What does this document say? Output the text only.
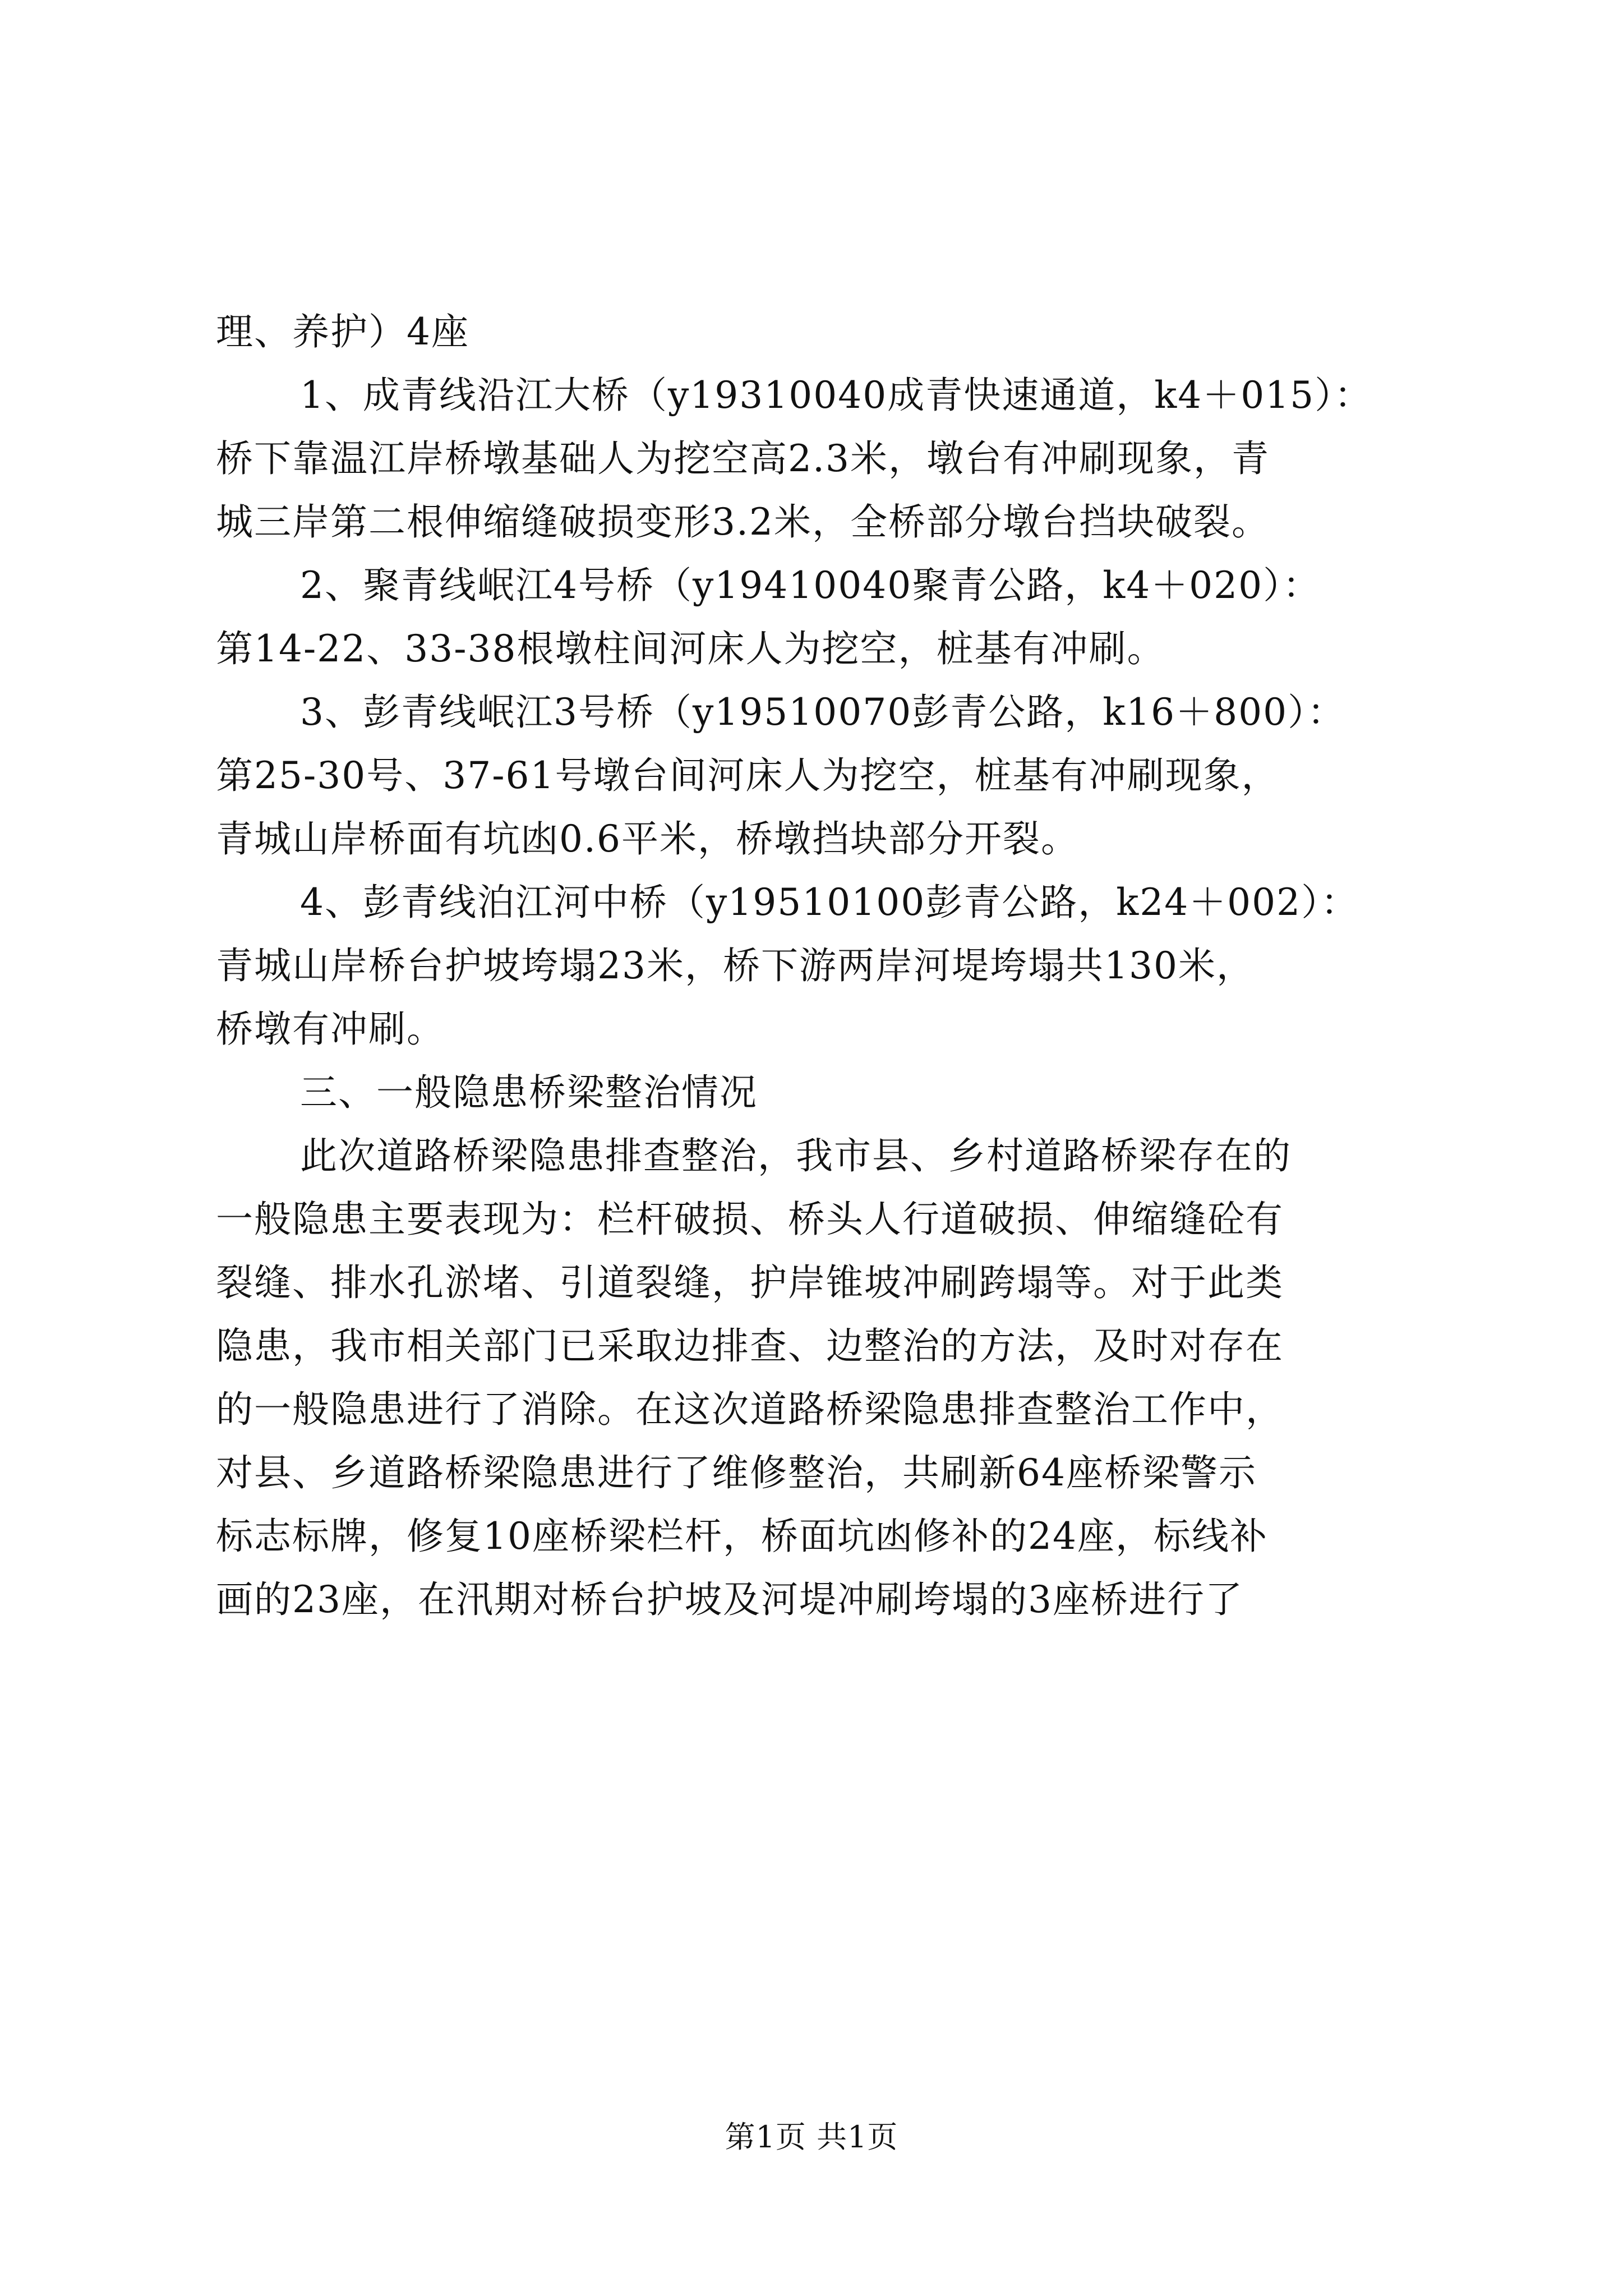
理、养护）4座
1、成青线沿江大桥（y19310040成青快速通道，k4＋015）：
桥下靠温江岸桥墩基础人为挖空高2.3米，墩台有冲刷现象，青
城三岸第二根伸缩缝破损变形3.2米，全桥部分墩台挡块破裂。
2、聚青线岷江4号桥（y19410040聚青公路，k4＋020）：
第14-22、33-38根墩柱间河床人为挖空，桩基有冲刷。
3、彭青线岷江3号桥（y19510070彭青公路，k16＋800）：
第25-30号、37-61号墩台间河床人为挖空，桩基有冲刷现象，
青城山岸桥面有坑凼0.6平米，桥墩挡块部分开裂。
4、彭青线泊江河中桥（y19510100彭青公路，k24＋002）：
青城山岸桥台护坡垮塌23米，桥下游两岸河堤垮塌共130米，
桥墩有冲刷。
三、一般隐患桥梁整治情况
此次道路桥梁隐患排查整治，我市县、乡村道路桥梁存在的
一般隐患主要表现为：栏杆破损、桥头人行道破损、伸缩缝砼有
裂缝、排水孔淤堵、引道裂缝，护岸锥坡冲刷跨塌等。对于此类
隐患，我市相关部门已采取边排查、边整治的方法，及时对存在
的一般隐患进行了消除。在这次道路桥梁隐患排查整治工作中，
对县、乡道路桥梁隐患进行了维修整治，共刷新64座桥梁警示
标志标牌，修复10座桥梁栏杆，桥面坑凼修补的24座，标线补
画的23座，在汛期对桥台护坡及河堤冲刷垮塌的3座桥进行了
第1页 共1页
